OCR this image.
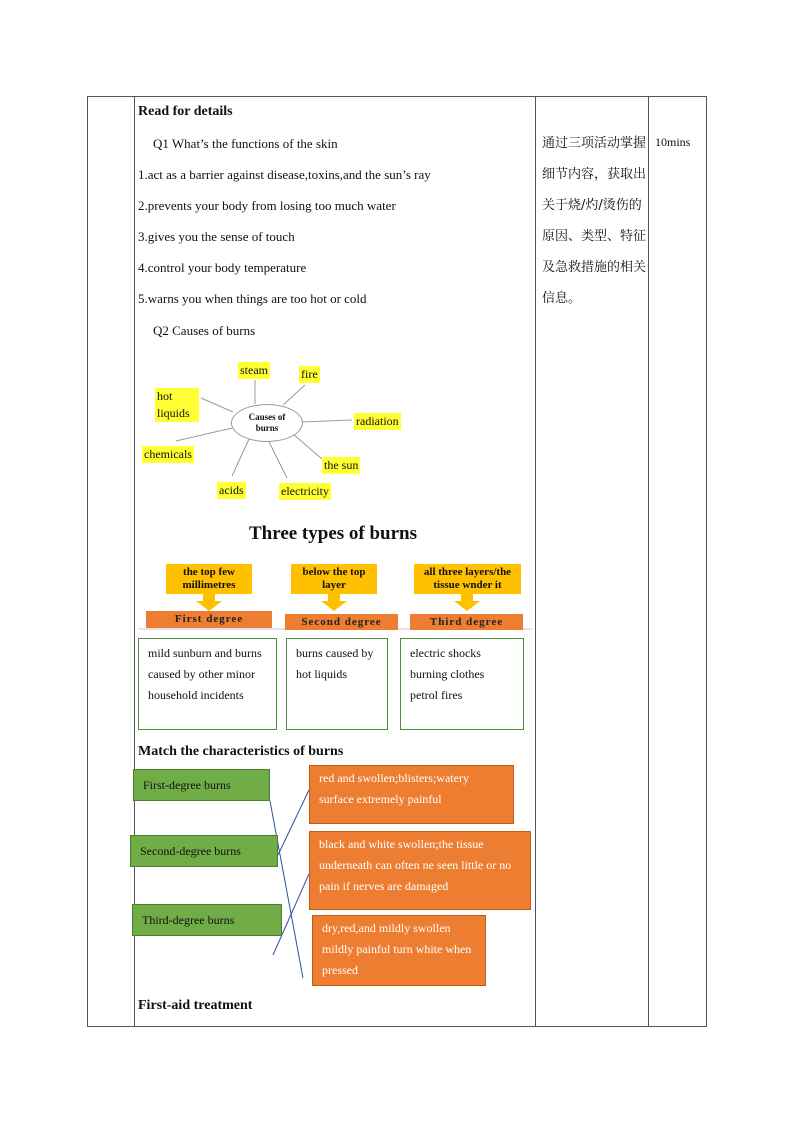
Read for details
Q1 What’s the functions of the skin
1.act as a barrier against disease,toxins,and the sun’s ray
2.prevents your body from losing too much water
3.gives you the sense of touch
4.control your body temperature
5.warns you when things are too hot or cold
Q2 Causes of burns
Causes of burns
steam	fire
hot liquids
radiation
chemicals
the sun
acids	electricity
Three types of burns
the top few millimetres
below the top layer
all three layers/the tissue wnder it
First degree	Second degree	Third degree
mild sunburn and burns caused by other minor household incidents
burns caused by hot liquids
electric shocks burning clothes petrol fires
Match the characteristics of burns
First-degree burns
Second-degree burns
Third-degree burns
red and swollen;blisters;watery surface extremely painful
black and white swollen;the tissue underneath can often ne seen little or no pain if nerves are damaged
dry,red,and mildly swollen mildly painful turn white when pressed
First-aid treatment
通过三项活动掌握细节内容，获取出关于烧/灼/烫伤的原因、类型、特征及急救措施的相关信息。
10mins
